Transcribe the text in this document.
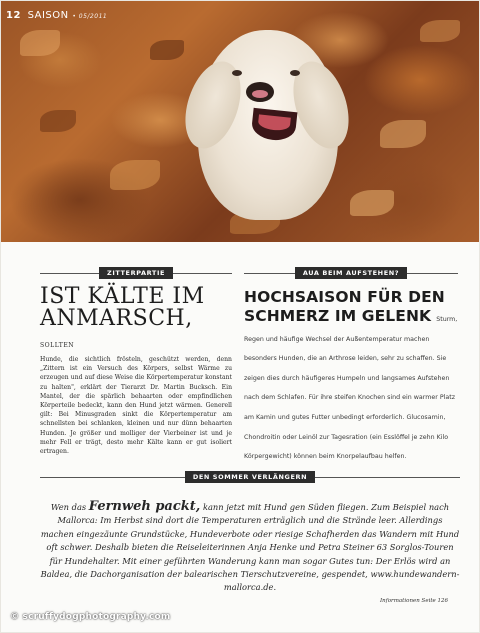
12 SAISON • 05/2011
ZITTERPARTIE	AUA BEIM AUFSTEHEN?
IST KÄLTE IM
ANMARSCH, SOLLTEN
Hunde, die sichtlich frösteln, geschützt werden, denn „Zittern ist ein Versuch des Körpers, selbst Wärme zu erzeugen und auf diese Weise die Körpertemperatur konstant zu halten", erklärt der Tierarzt Dr. Martin Bucksch. Ein Mantel, der die spärlich behaarten oder empfindlichen Körperteile bedeckt, kann den Hund jetzt wärmen. Generell gilt: Bei Minusgraden sinkt die Körpertemperatur am schnellsten bei schlanken, kleinen und nur dünn behaarten Hunden. Je größer und molliger der Vierbeiner ist und je mehr Fell er trägt, desto mehr Kälte kann er gut isoliert ertragen.
HOCHSAISON FÜR DEN SCHMERZ IM GELENK Sturm, Regen und häufige Wechsel der Außentemperatur machen besonders Hunden, die an Arthrose leiden, sehr zu schaffen. Sie zeigen dies durch häufigeres Humpeln und langsames Aufstehen nach dem Schlafen. Für ihre steifen Knochen sind ein warmer Platz am Kamin und gutes Futter unbedingt erforderlich. Glucosamin, Chondroitin oder Leinöl zur Tagesration (ein Esslöffel je zehn Kilo Körpergewicht) können beim Knorpelaufbau helfen.
DEN SOMMER VERLÄNGERN
Wen das Fernweh packt, kann jetzt mit Hund gen Süden fliegen. Zum Beispiel nach Mallorca: Im Herbst sind dort die Temperaturen erträglich und die Strände leer. Allerdings machen eingezäunte Grundstücke, Hundeverbote oder riesige Schafherden das Wandern mit Hund oft schwer. Deshalb bieten die Reiseleiterinnen Anja Henke und Petra Steiner 63 Sorglos-Touren für Hundehalter. Mit einer geführten Wanderung kann man sogar Gutes tun: Der Erlös wird an Baldea, die Dachorganisation der balearischen Tierschutzvereine, gespendet, www.hundewandern-mallorca.de.
Informationen Seite 126
© scruffydogphotography.com
